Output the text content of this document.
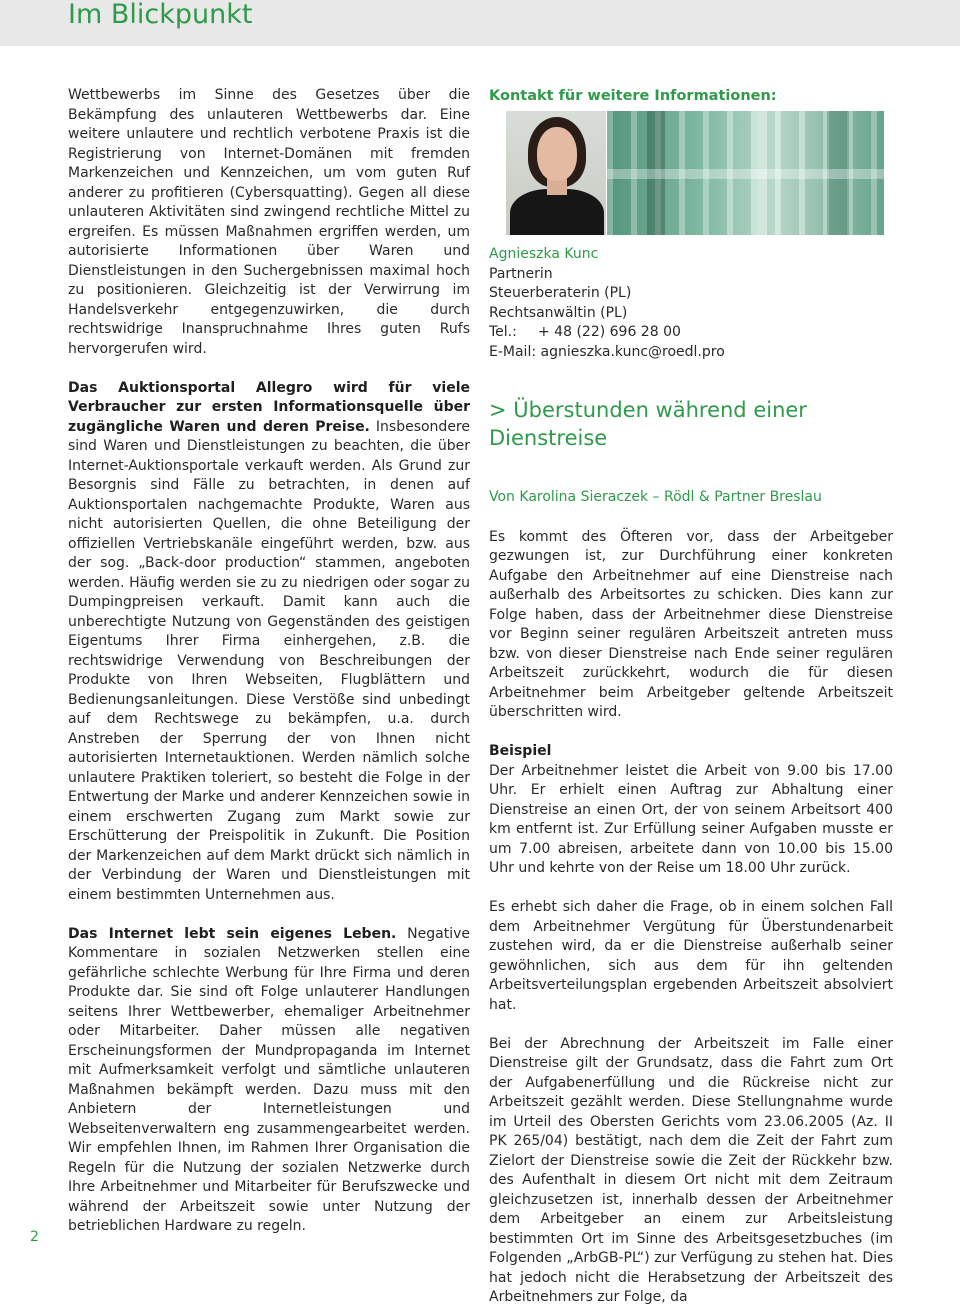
Im Blickpunkt

Wettbewerbs im Sinne des Gesetzes über die Bekämpfung des unlauteren Wettbewerbs dar. Eine weitere unlautere und rechtlich verbotene Praxis ist die Registrierung von Internet-Domänen mit fremden Markenzeichen und Kennzeichen, um vom guten Ruf anderer zu profitieren (Cybersquatting). Gegen all diese unlauteren Aktivitäten sind zwingend rechtliche Mittel zu ergreifen. Es müssen Maßnahmen ergriffen werden, um autorisierte Informationen über Waren und Dienstleistungen in den Suchergebnissen maximal hoch zu positionieren. Gleichzeitig ist der Verwirrung im Handelsverkehr entgegenzuwirken, die durch rechtswidrige Inanspruchnahme Ihres guten Rufs hervorgerufen wird.

Das Auktionsportal Allegro wird für viele Verbraucher zur ersten Informationsquelle über zugängliche Waren und deren Preise. Insbesondere sind Waren und Dienstleistungen zu beachten, die über Internet-Auktionsportale verkauft werden. Als Grund zur Besorgnis sind Fälle zu betrachten, in denen auf Auktionsportalen nachgemachte Produkte, Waren aus nicht autorisierten Quellen, die ohne Beteiligung der offiziellen Vertriebskanäle eingeführt werden, bzw. aus der sog. „Back-door production“ stammen, angeboten werden. Häufig werden sie zu zu niedrigen oder sogar zu Dumpingpreisen verkauft. Damit kann auch die unberechtigte Nutzung von Gegenständen des geistigen Eigentums Ihrer Firma einhergehen, z.B. die rechtswidrige Verwendung von Beschreibungen der Produkte von Ihren Webseiten, Flugblättern und Bedienungsanleitungen. Diese Verstöße sind unbedingt auf dem Rechtswege zu bekämpfen, u.a. durch Anstreben der Sperrung der von Ihnen nicht autorisierten Internetauktionen. Werden nämlich solche unlautere Praktiken toleriert, so besteht die Folge in der Entwertung der Marke und anderer Kennzeichen sowie in einem erschwerten Zugang zum Markt sowie zur Erschütterung der Preispolitik in Zukunft. Die Position der Markenzeichen auf dem Markt drückt sich nämlich in der Verbindung der Waren und Dienstleistungen mit einem bestimmten Unternehmen aus.

Das Internet lebt sein eigenes Leben. Negative Kommentare in sozialen Netzwerken stellen eine gefährliche schlechte Werbung für Ihre Firma und deren Produkte dar. Sie sind oft Folge unlauterer Handlungen seitens Ihrer Wettbewerber, ehemaliger Arbeitnehmer oder Mitarbeiter. Daher müssen alle negativen Erscheinungsformen der Mundpropaganda im Internet mit Aufmerksamkeit verfolgt und sämtliche unlauteren Maßnahmen bekämpft werden. Dazu muss mit den Anbietern der Internetleistungen und Webseitenverwaltern eng zusammengearbeitet werden. Wir empfehlen Ihnen, im Rahmen Ihrer Organisation die Regeln für die Nutzung der sozialen Netzwerke durch Ihre Arbeitnehmer und Mitarbeiter für Berufszwecke und während der Arbeitszeit sowie unter Nutzung der betrieblichen Hardware zu regeln.

Kontakt für weitere Informationen:
Agnieszka Kunc
Partnerin
Steuerberaterin (PL)
Rechtsanwältin (PL)
Tel.: + 48 (22) 696 28 00
E-Mail: agnieszka.kunc@roedl.pro
> Überstunden während einer Dienstreise
Von Karolina Sieraczek – Rödl & Partner Breslau

Es kommt des Öfteren vor, dass der Arbeitgeber gezwungen ist, zur Durchführung einer konkreten Aufgabe den Arbeitnehmer auf eine Dienstreise nach außerhalb des Arbeitsortes zu schicken. Dies kann zur Folge haben, dass der Arbeitnehmer diese Dienstreise vor Beginn seiner regulären Arbeitszeit antreten muss bzw. von dieser Dienstreise nach Ende seiner regulären Arbeitszeit zurückkehrt, wodurch die für diesen Arbeitnehmer beim Arbeitgeber geltende Arbeitszeit überschritten wird.

Beispiel

Der Arbeitnehmer leistet die Arbeit von 9.00 bis 17.00 Uhr. Er erhielt einen Auftrag zur Abhaltung einer Dienstreise an einen Ort, der von seinem Arbeitsort 400 km entfernt ist. Zur Erfüllung seiner Aufgaben musste er um 7.00 abreisen, arbeitete dann von 10.00 bis 15.00 Uhr und kehrte von der Reise um 18.00 Uhr zurück.

Es erhebt sich daher die Frage, ob in einem solchen Fall dem Arbeitnehmer Vergütung für Überstundenarbeit zustehen wird, da er die Dienstreise außerhalb seiner gewöhnlichen, sich aus dem für ihn geltenden Arbeitsverteilungsplan ergebenden Arbeitszeit absolviert hat.

Bei der Abrechnung der Arbeitszeit im Falle einer Dienstreise gilt der Grundsatz, dass die Fahrt zum Ort der Aufgabenerfüllung und die Rückreise nicht zur Arbeitszeit gezählt werden. Diese Stellungnahme wurde im Urteil des Obersten Gerichts vom 23.06.2005 (Az. II PK 265/04) bestätigt, nach dem die Zeit der Fahrt zum Zielort der Dienstreise sowie die Zeit der Rückkehr bzw. des Aufenthalt in diesem Ort nicht mit dem Zeitraum gleichzusetzen ist, innerhalb dessen der Arbeitnehmer dem Arbeitgeber an einem zur Arbeitsleistung bestimmten Ort im Sinne des Arbeitsgesetzbuches (im Folgenden „ArbGB-PL“) zur Verfügung zu stehen hat. Dies hat jedoch nicht die Herabsetzung der Arbeitszeit des Arbeitnehmers zur Folge, da

2
